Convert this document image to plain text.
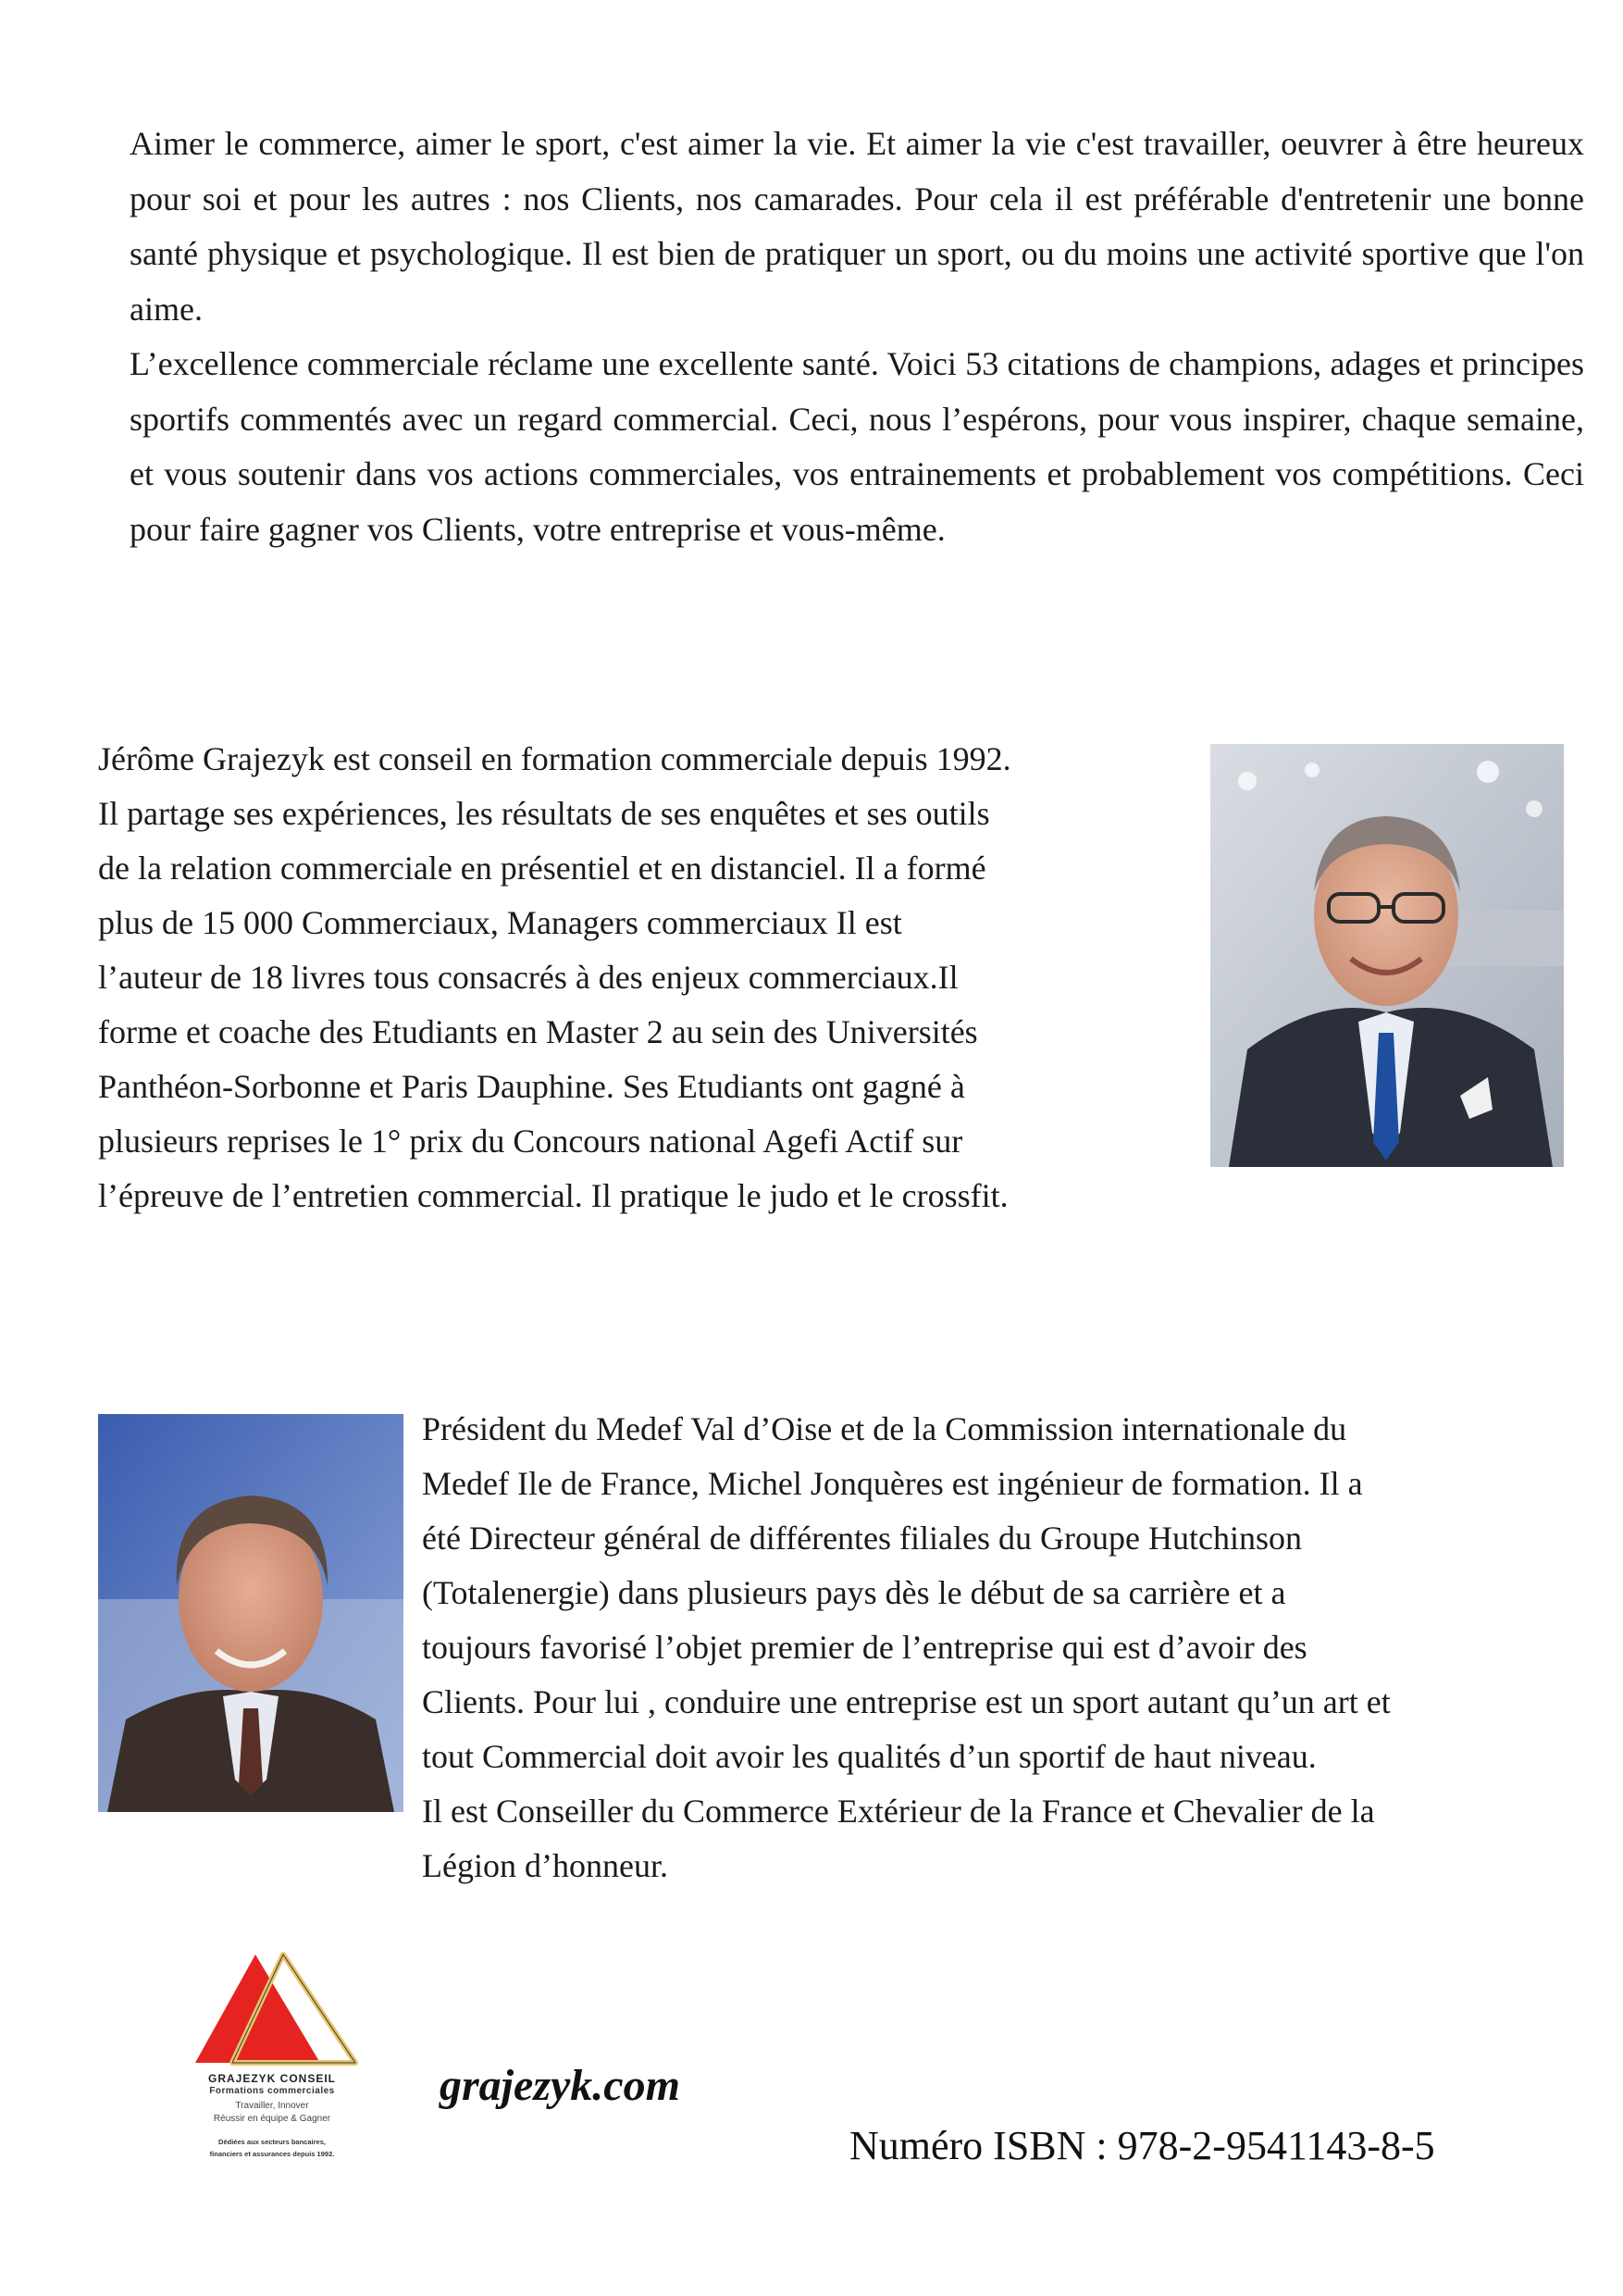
Aimer le commerce, aimer le sport, c'est aimer la vie. Et aimer la vie c'est travailler, oeuvrer à être heureux pour soi et pour les autres : nos Clients, nos camarades. Pour cela il est préférable d'entretenir une bonne santé physique et psychologique. Il est bien de pratiquer un sport, ou du moins une activité sportive que l'on aime.

L’excellence commerciale réclame une excellente santé. Voici 53 citations de champions, adages et principes sportifs commentés avec un regard commercial. Ceci, nous l’espérons, pour vous inspirer, chaque semaine, et vous soutenir dans vos actions commerciales, vos entrainements et probablement vos compétitions. Ceci pour faire gagner vos Clients, votre entreprise et vous-même.

Jérôme Grajezyk est conseil en formation commerciale depuis 1992.
Il partage ses expériences, les résultats de ses enquêtes et ses outils
de la relation commerciale en présentiel et en distanciel. Il a formé
plus de 15 000 Commerciaux, Managers commerciaux Il est
l’auteur de 18 livres tous consacrés à des enjeux commerciaux.Il
forme et coache des Etudiants en Master 2 au sein des Universités
Panthéon-Sorbonne et Paris Dauphine. Ses Etudiants ont gagné à
plusieurs reprises le 1° prix du Concours national Agefi Actif sur
l’épreuve de l’entretien commercial. Il pratique le judo et le crossfit.

Président du Medef Val d’Oise et de la Commission internationale du
Medef Ile de France, Michel Jonquères est ingénieur de formation. Il a
été Directeur général de différentes filiales du Groupe Hutchinson
(Totalenergie) dans plusieurs pays dès le début de sa carrière et a
toujours favorisé l’objet premier de l’entreprise qui est d’avoir des
Clients. Pour lui , conduire une entreprise est un sport autant qu’un art et
tout Commercial doit avoir les qualités d’un sportif de haut niveau.
Il est Conseiller du Commerce Extérieur de la France et Chevalier de la
Légion d’honneur.

GRAJEZYK CONSEIL
Formations commerciales
Travailler, Innover
Réussir en équipe & Gagner
Dédiées aux secteurs bancaires,
financiers et assurances depuis 1992.
grajezyk.com
Numéro ISBN : 978-2-9541143-8-5
